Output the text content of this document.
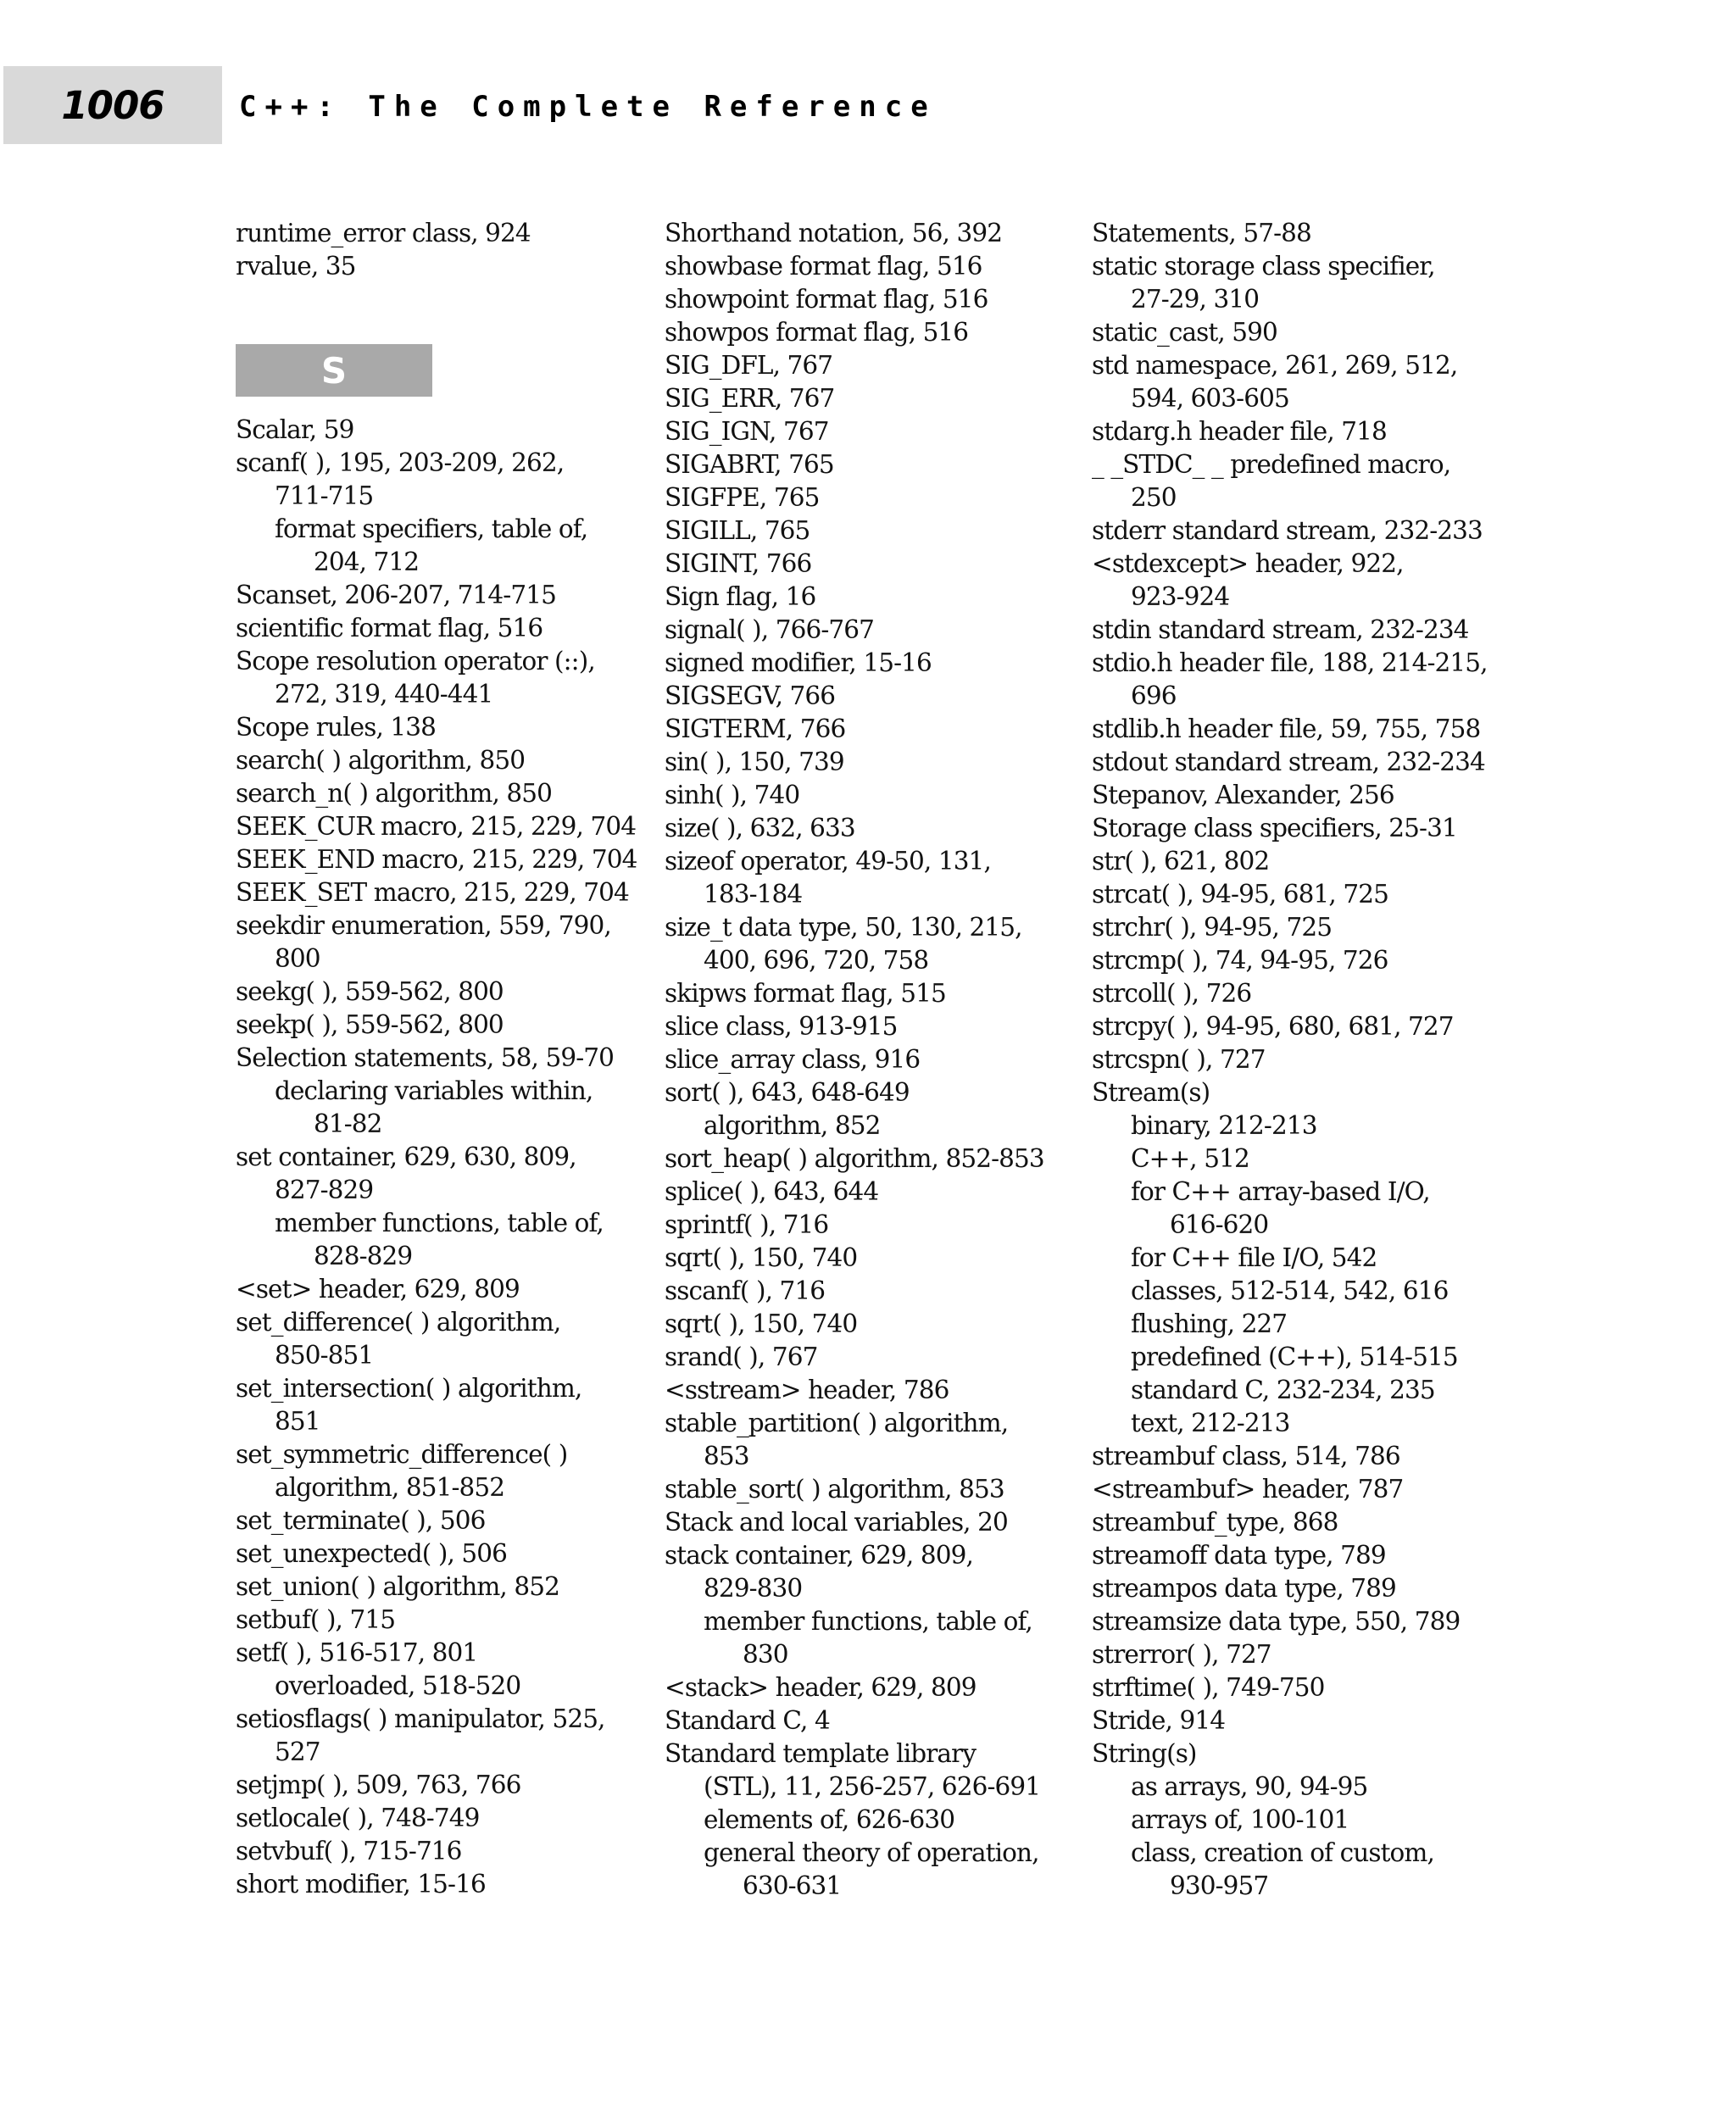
1006	C++: The Complete Reference
runtime_error class, 924
rvalue, 35
S
Scalar, 59
scanf( ), 195, 203-209, 262,
711-715
format specifiers, table of,
204, 712
Scanset, 206-207, 714-715
scientific format flag, 516
Scope resolution operator (::),
272, 319, 440-441
Scope rules, 138
search( ) algorithm, 850
search_n( ) algorithm, 850
SEEK_CUR macro, 215, 229, 704
SEEK_END macro, 215, 229, 704
SEEK_SET macro, 215, 229, 704
seekdir enumeration, 559, 790,
800
seekg( ), 559-562, 800
seekp( ), 559-562, 800
Selection statements, 58, 59-70
declaring variables within,
81-82
set container, 629, 630, 809,
827-829
member functions, table of,
828-829
<set> header, 629, 809
set_difference( ) algorithm,
850-851
set_intersection( ) algorithm,
851
set_symmetric_difference( )
algorithm, 851-852
set_terminate( ), 506
set_unexpected( ), 506
set_union( ) algorithm, 852
setbuf( ), 715
setf( ), 516-517, 801
overloaded, 518-520
setiosflags( ) manipulator, 525,
527
setjmp( ), 509, 763, 766
setlocale( ), 748-749
setvbuf( ), 715-716
short modifier, 15-16
Shorthand notation, 56, 392
showbase format flag, 516
showpoint format flag, 516
showpos format flag, 516
SIG_DFL, 767
SIG_ERR, 767
SIG_IGN, 767
SIGABRT, 765
SIGFPE, 765
SIGILL, 765
SIGINT, 766
Sign flag, 16
signal( ), 766-767
signed modifier, 15-16
SIGSEGV, 766
SIGTERM, 766
sin( ), 150, 739
sinh( ), 740
size( ), 632, 633
sizeof operator, 49-50, 131,
183-184
size_t data type, 50, 130, 215,
400, 696, 720, 758
skipws format flag, 515
slice class, 913-915
slice_array class, 916
sort( ), 643, 648-649
algorithm, 852
sort_heap( ) algorithm, 852-853
splice( ), 643, 644
sprintf( ), 716
sqrt( ), 150, 740
sscanf( ), 716
sqrt( ), 150, 740
srand( ), 767
<sstream> header, 786
stable_partition( ) algorithm,
853
stable_sort( ) algorithm, 853
Stack and local variables, 20
stack container, 629, 809,
829-830
member functions, table of,
830
<stack> header, 629, 809
Standard C, 4
Standard template library
(STL), 11, 256-257, 626-691
elements of, 626-630
general theory of operation,
630-631
Statements, 57-88
static storage class specifier,
27-29, 310
static_cast, 590
std namespace, 261, 269, 512,
594, 603-605
stdarg.h header file, 718
_ _STDC_ _ predefined macro,
250
stderr standard stream, 232-233
<stdexcept> header, 922,
923-924
stdin standard stream, 232-234
stdio.h header file, 188, 214-215,
696
stdlib.h header file, 59, 755, 758
stdout standard stream, 232-234
Stepanov, Alexander, 256
Storage class specifiers, 25-31
str( ), 621, 802
strcat( ), 94-95, 681, 725
strchr( ), 94-95, 725
strcmp( ), 74, 94-95, 726
strcoll( ), 726
strcpy( ), 94-95, 680, 681, 727
strcspn( ), 727
Stream(s)
binary, 212-213
C++, 512
for C++ array-based I/O,
616-620
for C++ file I/O, 542
classes, 512-514, 542, 616
flushing, 227
predefined (C++), 514-515
standard C, 232-234, 235
text, 212-213
streambuf class, 514, 786
<streambuf> header, 787
streambuf_type, 868
streamoff data type, 789
streampos data type, 789
streamsize data type, 550, 789
strerror( ), 727
strftime( ), 749-750
Stride, 914
String(s)
as arrays, 90, 94-95
arrays of, 100-101
class, creation of custom,
930-957
